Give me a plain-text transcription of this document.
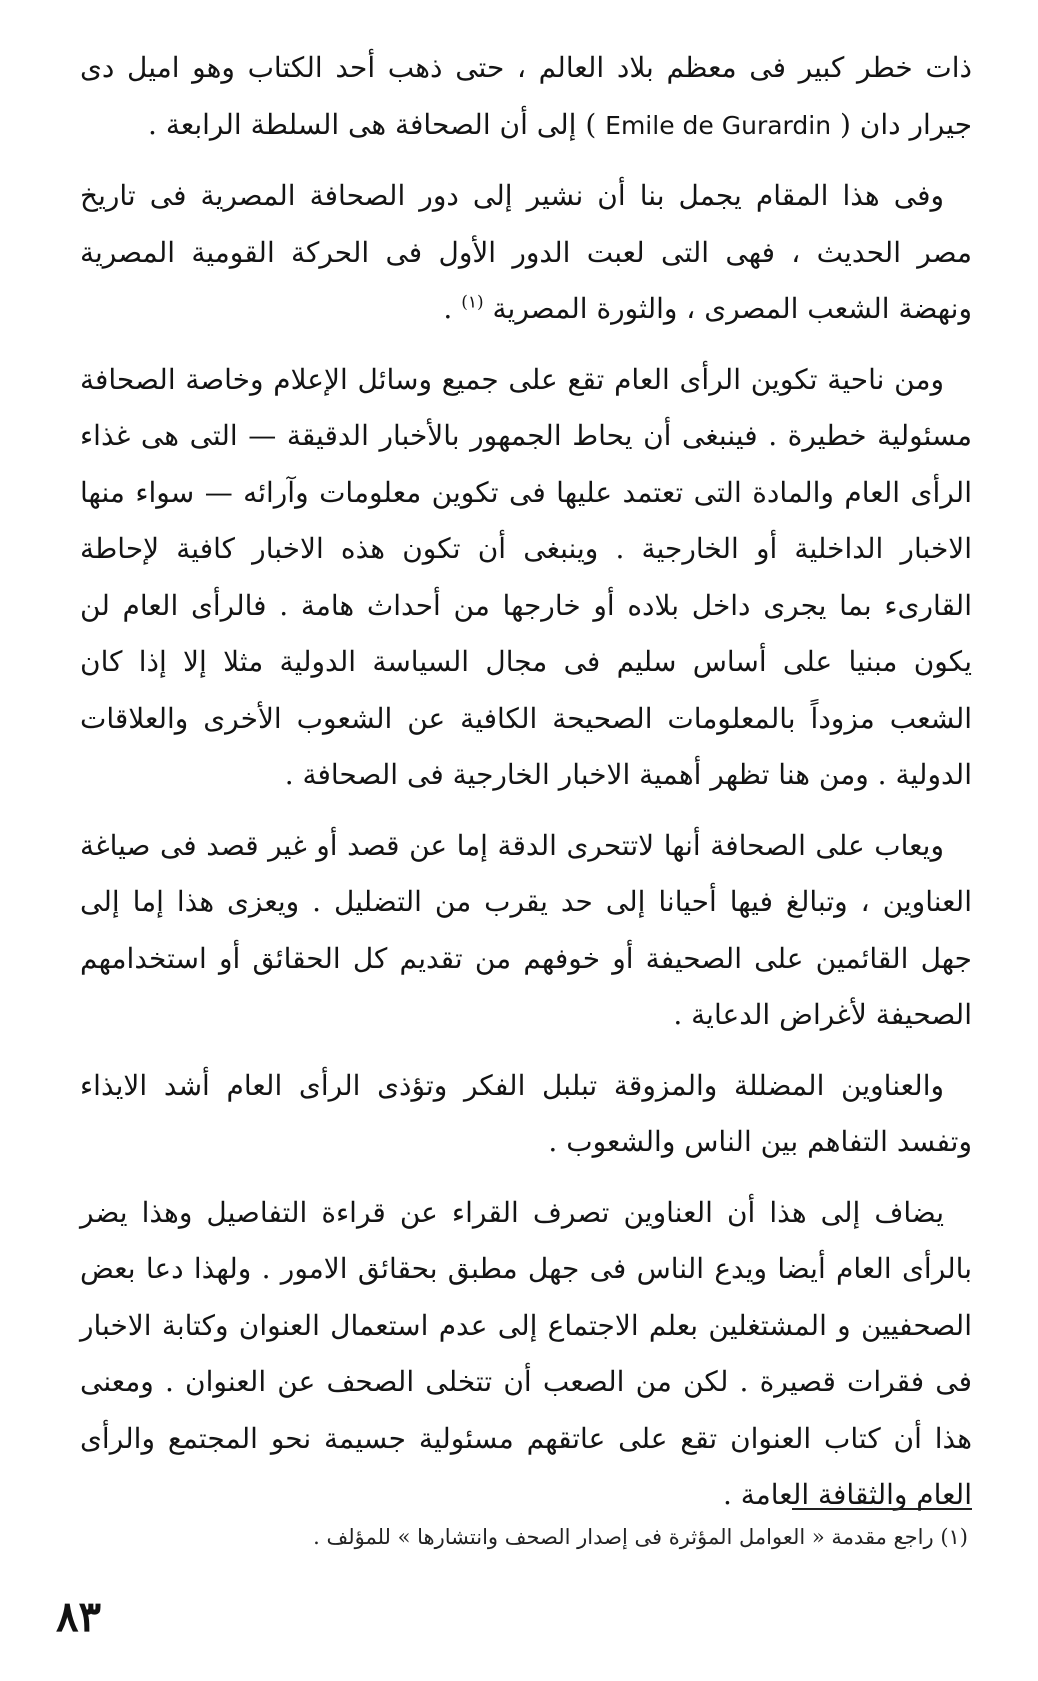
ذات خطر كبير فى معظم بلاد العالم ، حتى ذهب أحد الكتاب وهو اميل دى جيرار دان ( Emile de Gurardin ) إلى أن الصحافة هى السلطة الرابعة .

وفى هذا المقام يجمل بنا أن نشير إلى دور الصحافة المصرية فى تاريخ مصر الحديث ، فهى التى لعبت الدور الأول فى الحركة القومية المصرية ونهضة الشعب المصرى ، والثورة المصرية $^{(١)}$ .

ومن ناحية تكوين الرأى العام تقع على جميع وسائل الإعلام وخاصة الصحافة مسئولية خطيرة . فينبغى أن يحاط الجمهور بالأخبار الدقيقة — التى هى غذاء الرأى العام والمادة التى تعتمد عليها فى تكوين معلومات وآرائه — سواء منها الاخبار الداخلية أو الخارجية . وينبغى أن تكون هذه الاخبار كافية لإحاطة القارىء بما يجرى داخل بلاده أو خارجها من أحداث هامة . فالرأى العام لن يكون مبنيا على أساس سليم فى مجال السياسة الدولية مثلا إلا إذا كان الشعب مزوداً بالمعلومات الصحيحة الكافية عن الشعوب الأخرى والعلاقات الدولية . ومن هنا تظهر أهمية الاخبار الخارجية فى الصحافة .

ويعاب على الصحافة أنها لاتتحرى الدقة إما عن قصد أو غير قصد فى صياغة العناوين ، وتبالغ فيها أحيانا إلى حد يقرب من التضليل . ويعزى هذا إما إلى جهل القائمين على الصحيفة أو خوفهم من تقديم كل الحقائق أو استخدامهم الصحيفة لأغراض الدعاية .

والعناوين المضللة والمزوقة تبلبل الفكر وتؤذى الرأى العام أشد الايذاء وتفسد التفاهم بين الناس والشعوب .

يضاف إلى هذا أن العناوين تصرف القراء عن قراءة التفاصيل وهذا يضر بالرأى العام أيضا ويدع الناس فى جهل مطبق بحقائق الامور . ولهذا دعا بعض الصحفيين و المشتغلين بعلم الاجتماع إلى عدم استعمال العنوان وكتابة الاخبار فى فقرات قصيرة . لكن من الصعب أن تتخلى الصحف عن العنوان . ومعنى هذا أن كتاب العنوان تقع على عاتقهم مسئولية جسيمة نحو المجتمع والرأى العام والثقافة العامة .

(١) راجع مقدمة « العوامل المؤثرة فى إصدار الصحف وانتشارها » للمؤلف .
٨٣
